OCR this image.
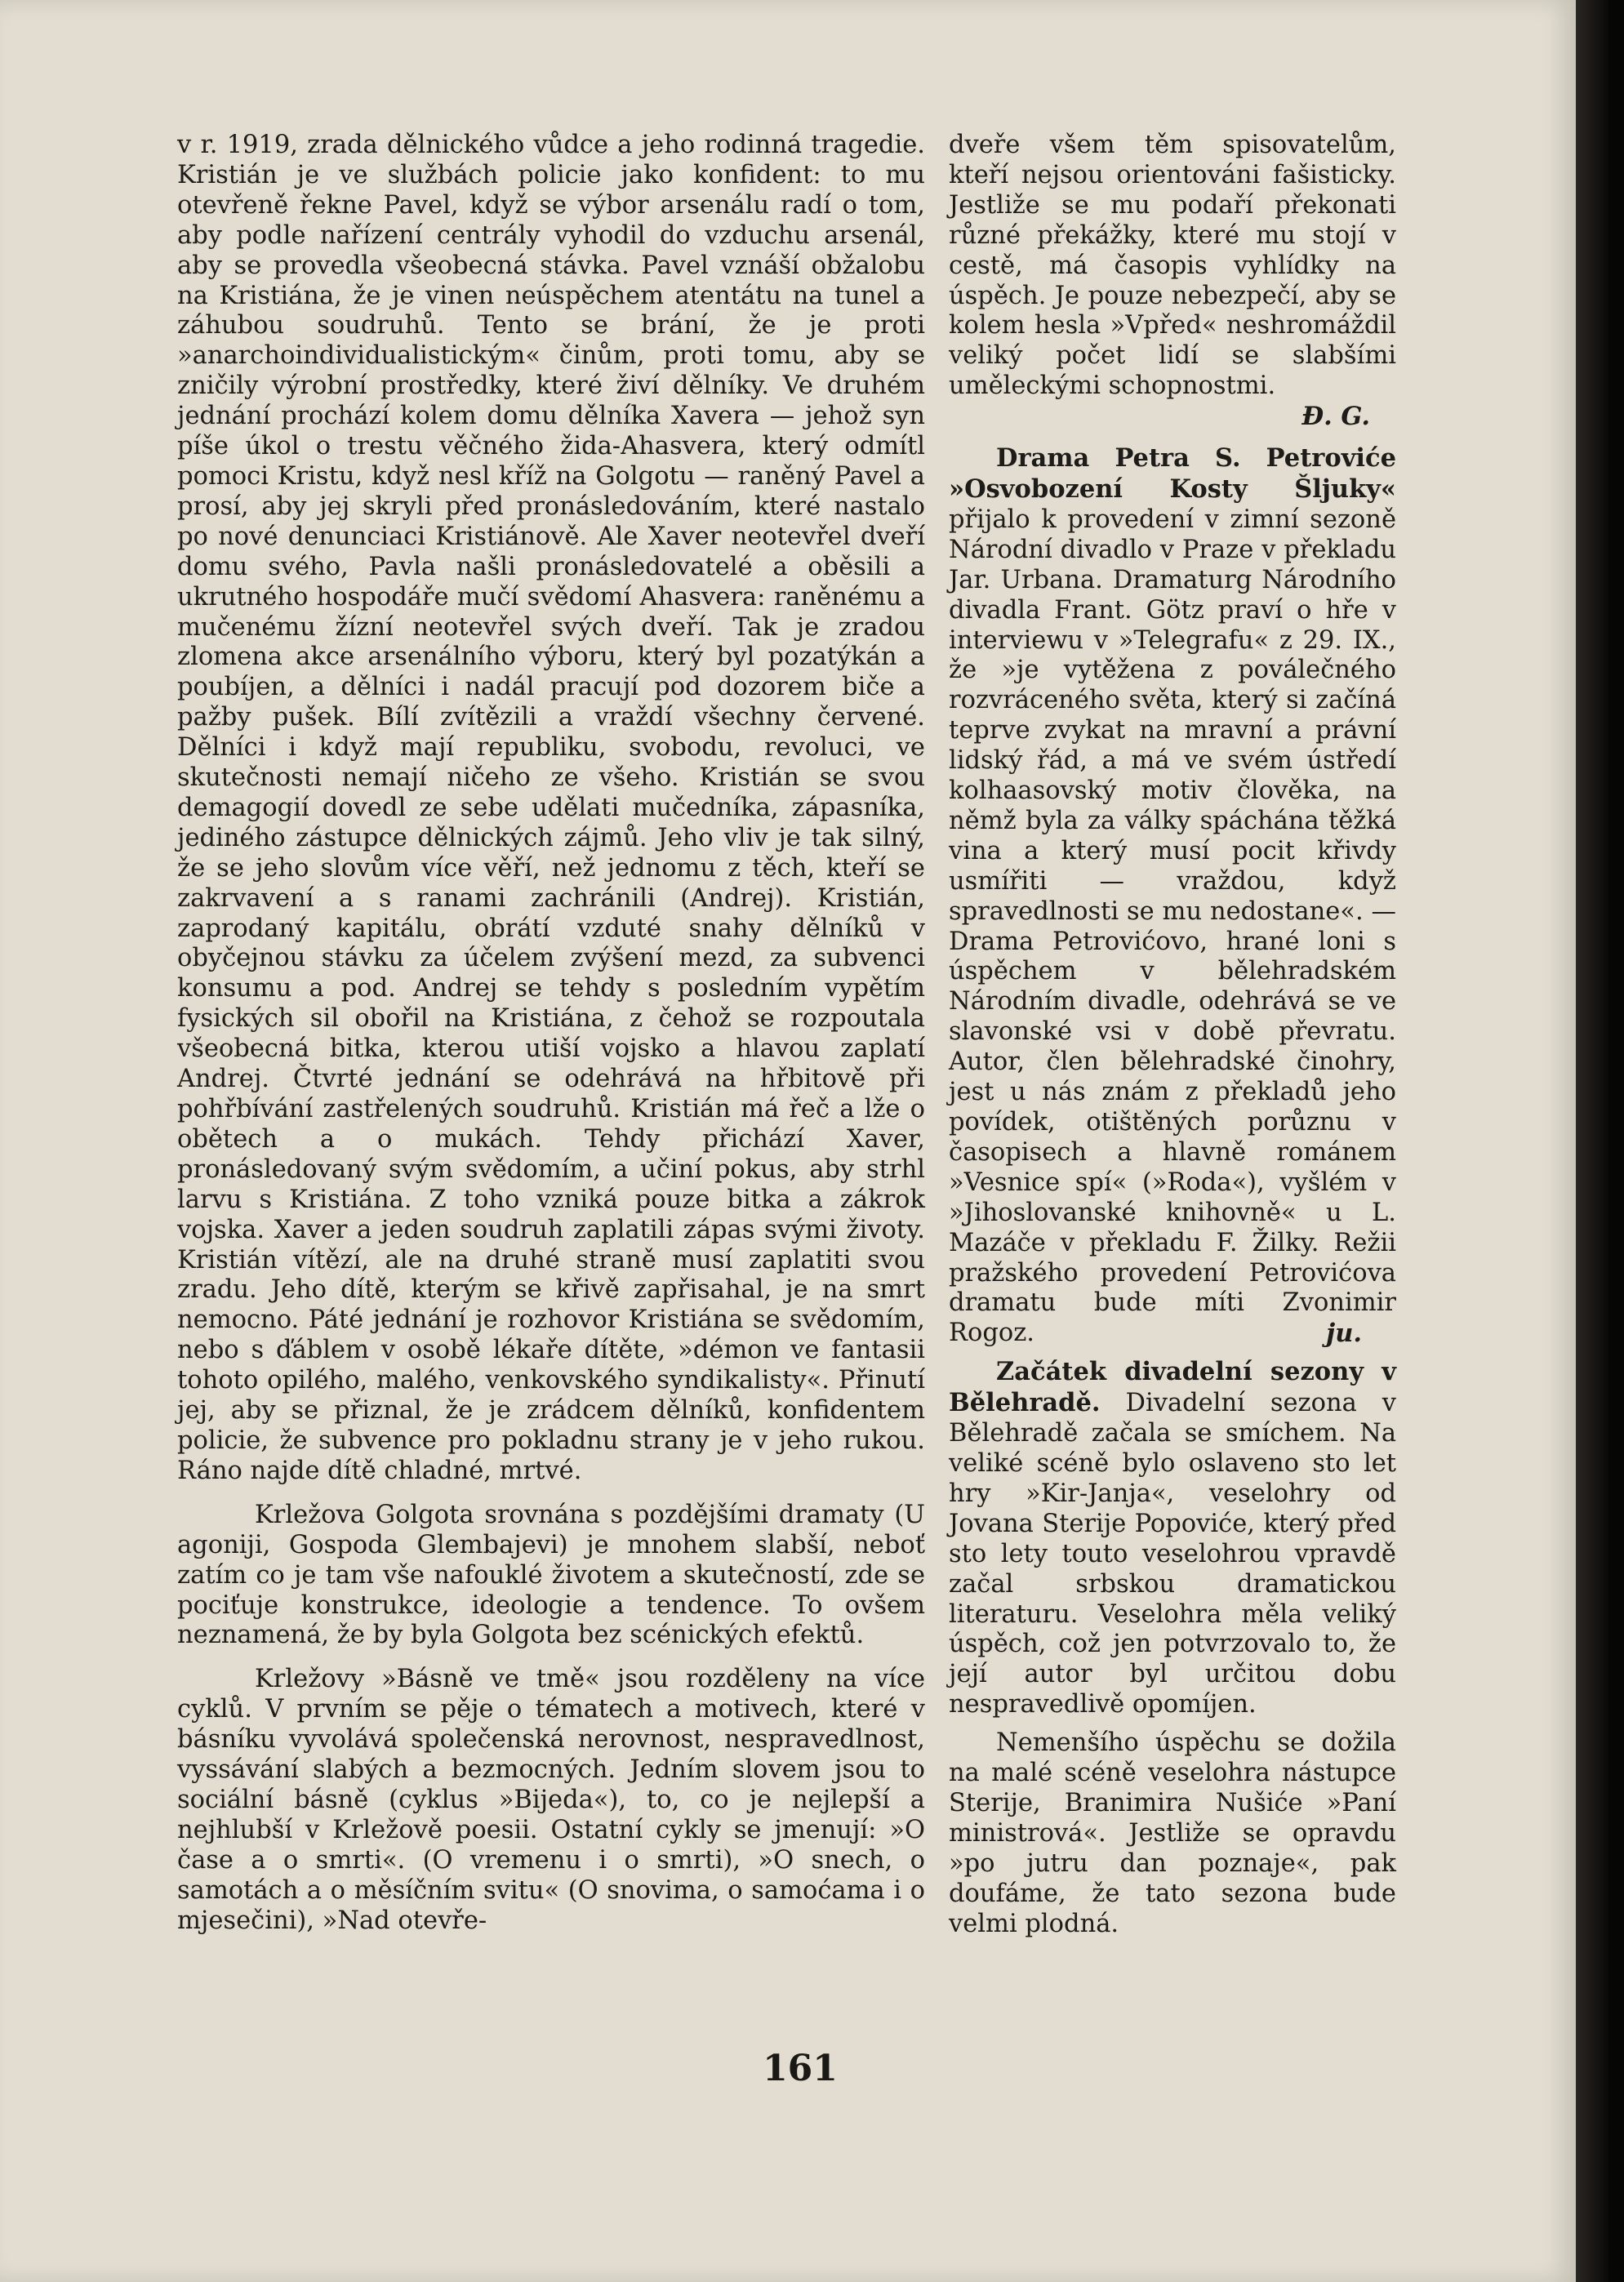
v r. 1919, zrada dělnického vůdce a jeho rodinná tragedie. Kristián je ve službách policie jako konfident: to mu otevřeně řekne Pavel, když se výbor arsenálu radí o tom, aby podle nařízení centrály vyhodil do vzduchu arsenál, aby se provedla všeobecná stávka. Pavel vznáší obžalobu na Kristiána, že je vinen neúspěchem atentátu na tunel a záhubou soudruhů. Tento se brání, že je proti »anarchoindividualistickým« činům, proti tomu, aby se zničily výrobní prostředky, které živí dělníky. Ve druhém jednání prochází kolem domu dělníka Xavera — jehož syn píše úkol o trestu věčného žida-Ahasvera, který odmítl pomoci Kristu, když nesl kříž na Golgotu — raněný Pavel a prosí, aby jej skryli před pronásledováním, které nastalo po nové denunciaci Kristiánově. Ale Xaver neotevřel dveří domu svého, Pavla našli pronásledovatelé a oběsili a ukrutného hospodáře mučí svědomí Ahasvera: raněnému a mučenému žízní neotevřel svých dveří. Tak je zradou zlomena akce arsenálního výboru, který byl pozatýkán a poubíjen, a dělníci i nadál pracují pod dozorem biče a pažby pušek. Bílí zvítězili a vraždí všechny červené. Dělníci i když mají republiku, svobodu, revoluci, ve skutečnosti nemají ničeho ze všeho. Kristián se svou demagogií dovedl ze sebe udělati mučedníka, zápasníka, jediného zástupce dělnických zájmů. Jeho vliv je tak silný, že se jeho slovům více věří, než jednomu z těch, kteří se zakrvavení a s ranami zachránili (Andrej). Kristián, zaprodaný kapitálu, obrátí vzduté snahy dělníků v obyčejnou stávku za účelem zvýšení mezd, za subvenci konsumu a pod. Andrej se tehdy s posledním vypětím fysických sil obořil na Kristiána, z čehož se rozpoutala všeobecná bitka, kterou utiší vojsko a hlavou zaplatí Andrej. Čtvrté jednání se odehrává na hřbitově při pohřbívání zastřelených soudruhů. Kristián má řeč a lže o obětech a o mukách. Tehdy přichází Xaver, pronásledovaný svým svědomím, a učiní pokus, aby strhl larvu s Kristiána. Z toho vzniká pouze bitka a zákrok vojska. Xaver a jeden soudruh zaplatili zápas svými životy. Kristián vítězí, ale na druhé straně musí zaplatiti svou zradu. Jeho dítě, kterým se křivě zapřisahal, je na smrt nemocno. Páté jednání je rozhovor Kristiána se svědomím, nebo s ďáblem v osobě lékaře dítěte, »démon ve fantasii tohoto opilého, malého, venkovského syndikalisty«. Přinutí jej, aby se přiznal, že je zrádcem dělníků, konfidentem policie, že subvence pro pokladnu strany je v jeho rukou. Ráno najde dítě chladné, mrtvé.

Krležova Golgota srovnána s pozdějšími dramaty (U agoniji, Gospoda Glembajevi) je mnohem slabší, neboť zatím co je tam vše nafouklé životem a skutečností, zde se pociťuje konstrukce, ideologie a tendence. To ovšem neznamená, že by byla Golgota bez scénických efektů.

Krležovy »Básně ve tmě« jsou rozděleny na více cyklů. V prvním se pěje o tématech a motivech, které v básníku vyvolává společenská nerovnost, nespravedlnost, vyssávání slabých a bezmocných. Jedním slovem jsou to sociální básně (cyklus »Bijeda«), to, co je nejlepší a nejhlubší v Krležově poesii. Ostatní cykly se jmenují: »O čase a o smrti«. (O vremenu i o smrti), »O snech, o samotách a o měsíčním svitu« (O snovima, o samoćama i o mjesečini), »Nad otevře-

dveře všem těm spisovatelům, kteří nejsou orientováni fašisticky. Jestliže se mu podaří překonati různé překážky, které mu stojí v cestě, má časopis vyhlídky na úspěch. Je pouze nebezpečí, aby se kolem hesla »Vpřed« neshromáždil veliký počet lidí se slabšími uměleckými schopnostmi.

Đ. G.

Drama Petra S. Petroviće »Osvobození Kosty Šljuky« přijalo k provedení v zimní sezoně Národní divadlo v Praze v překladu Jar. Urbana. Dramaturg Národního divadla Frant. Götz praví o hře v interviewu v »Telegrafu« z 29. IX., že »je vytěžena z poválečného rozvráceného světa, který si začíná teprve zvykat na mravní a právní lidský řád, a má ve svém ústředí kolhaasovský motiv člověka, na němž byla za války spáchána těžká vina a který musí pocit křivdy usmířiti — vraždou, když spravedlnosti se mu nedostane«. — Drama Petrovićovo, hrané loni s úspěchem v bělehradském Národním divadle, odehrává se ve slavonské vsi v době převratu. Autor, člen bělehradské činohry, jest u nás znám z překladů jeho povídek, otištěných porůznu v časopisech a hlavně románem »Vesnice spí« (»Roda«), vyšlém v »Jihoslovanské knihovně« u L. Mazáče v překladu F. Žilky. Režii pražského provedení Petrovićova dramatu bude míti Zvonimir Rogoz.	ju.

Začátek divadelní sezony v Bělehradě. Divadelní sezona v Bělehradě začala se smíchem. Na veliké scéně bylo oslaveno sto let hry »Kir-Janja«, veselohry od Jovana Sterije Popoviće, který před sto lety touto veselohrou vpravdě začal srbskou dramatickou literaturu. Veselohra měla veliký úspěch, což jen potvrzovalo to, že její autor byl určitou dobu nespravedlivě opomíjen.

Nemenšího úspěchu se dožila na malé scéně veselohra nástupce Sterije, Branimira Nušiće »Paní ministrová«. Jestliže se opravdu »po jutru dan poznaje«, pak doufáme, že tato sezona bude velmi plodná.

161
